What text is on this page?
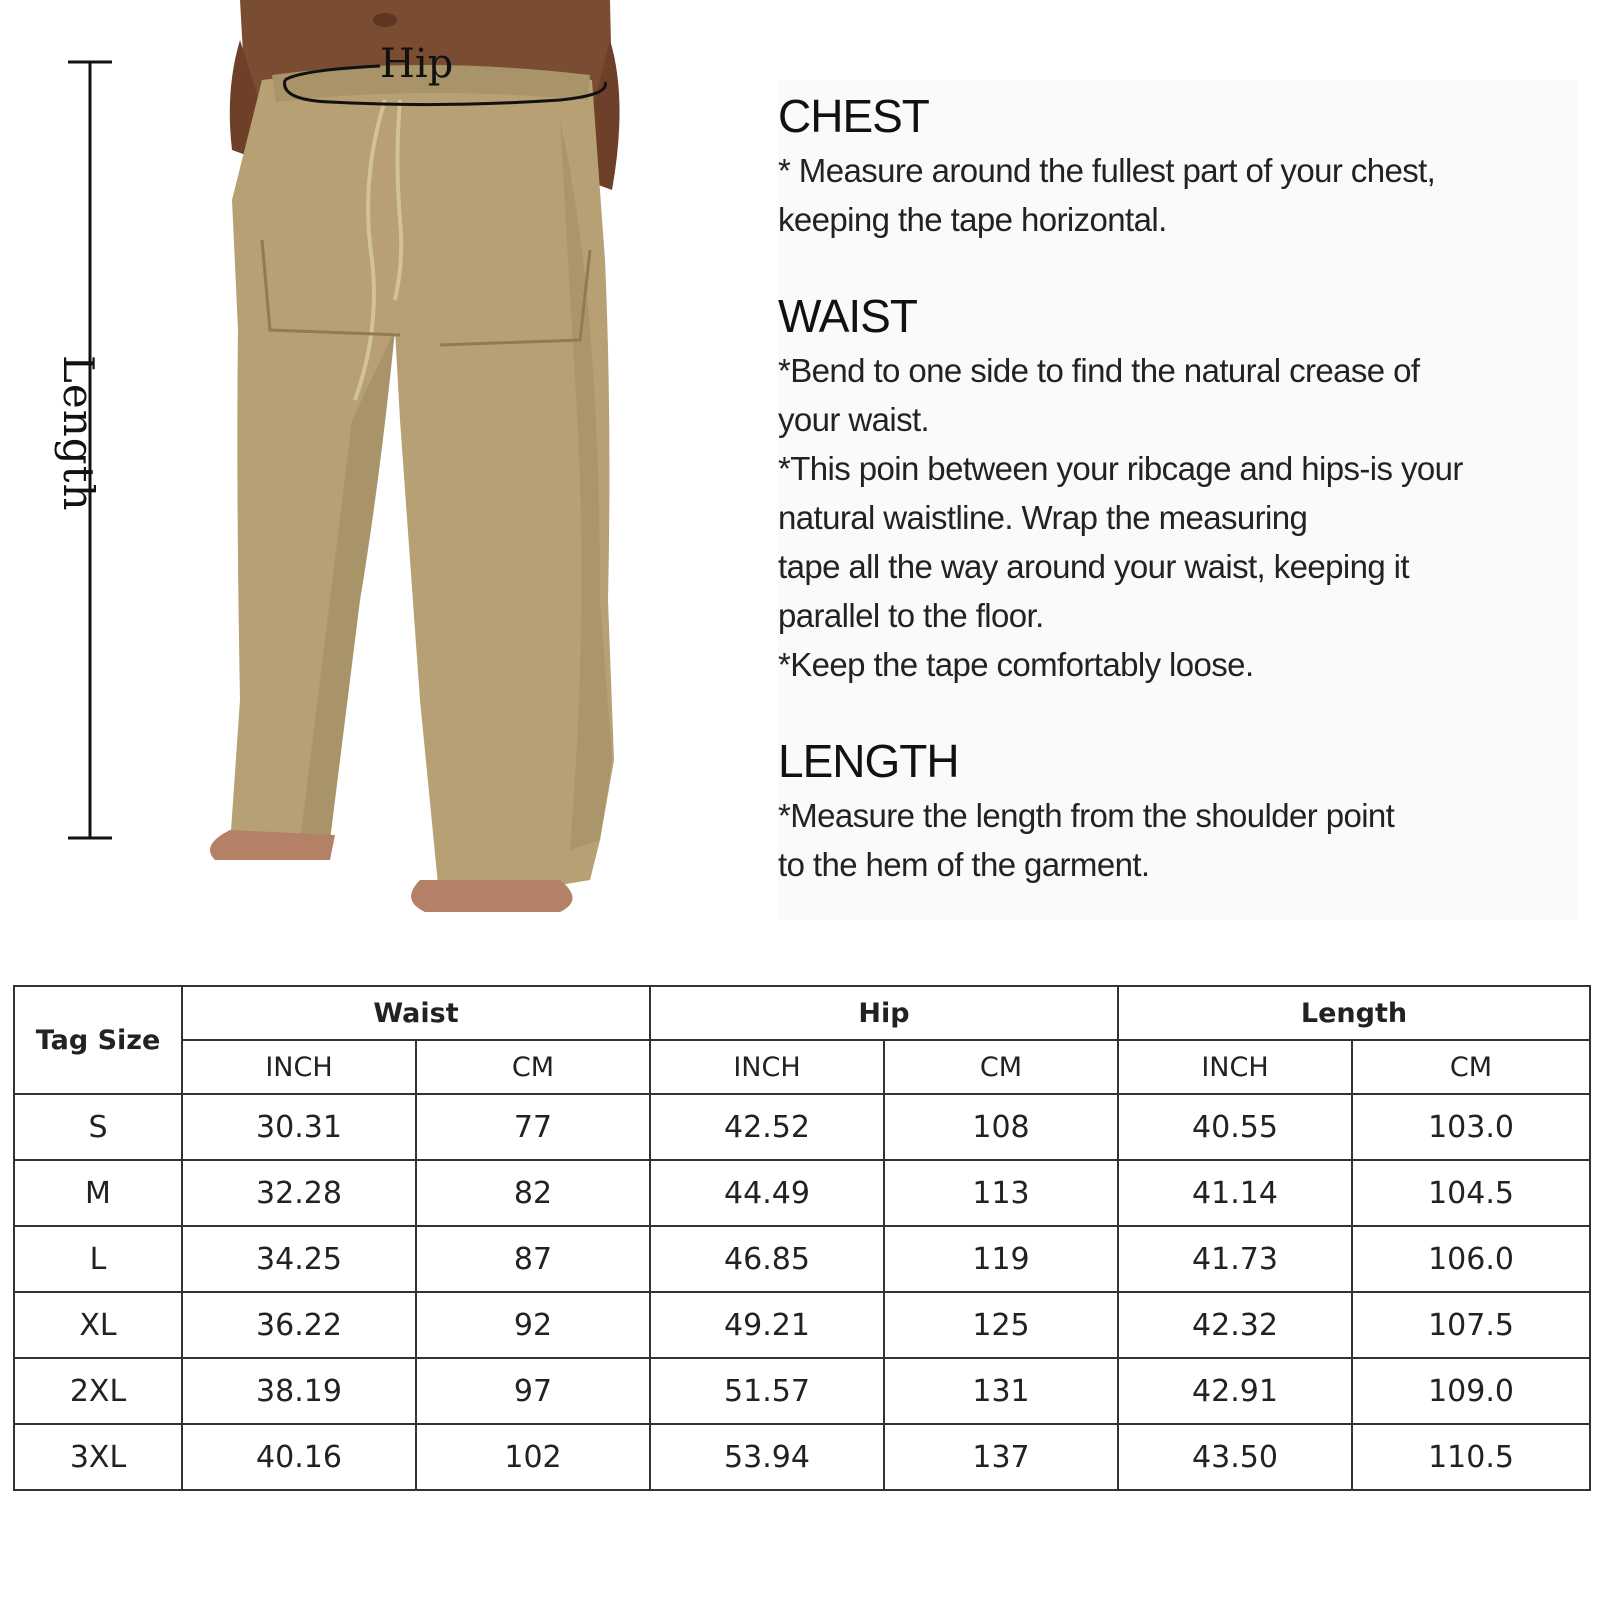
Length
Hip
CHEST
* Measure around the fullest part of your chest,
keeping the tape horizontal.
WAIST
*Bend to one side to find the natural crease of
your waist.
*This poin between your ribcage and hips-is your
natural waistline. Wrap the measuring
tape all the way around your waist, keeping it
parallel to the floor.
*Keep the tape comfortably loose.
LENGTH
*Measure the length from the shoulder point
to the hem of the garment.
Tag Size	Waist		Hip		Length	
	INCH	CM	INCH	CM	INCH	CM
S	30.31	77	42.52	108	40.55	103.0
M	32.28	82	44.49	113	41.14	104.5
L	34.25	87	46.85	119	41.73	106.0
XL	36.22	92	49.21	125	42.32	107.5
2XL	38.19	97	51.57	131	42.91	109.0
3XL	40.16	102	53.94	137	43.50	110.5
